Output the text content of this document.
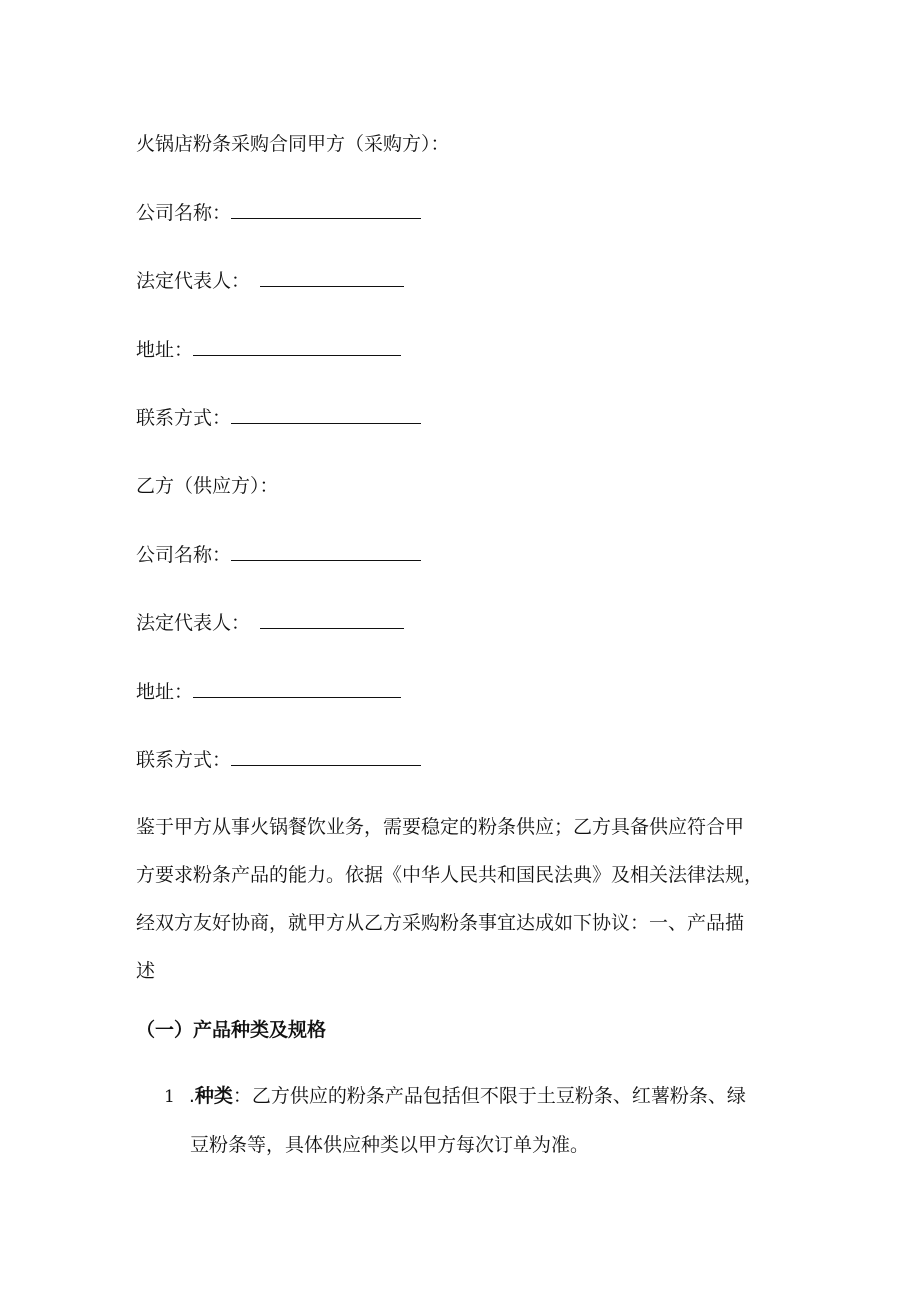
火锅店粉条采购合同甲方（采购方）：
公司名称：
法定代表人：
地址：
联系方式：
乙方（供应方）：
公司名称：
法定代表人：
地址：
联系方式：
鉴于甲方从事火锅餐饮业务，需要稳定的粉条供应；乙方具备供应符合甲
方要求粉条产品的能力。依据《中华人民共和国民法典》及相关法律法规，
经双方友好协商，就甲方从乙方采购粉条事宜达成如下协议：一、产品描
述
（一）产品种类及规格
1 .种类：乙方供应的粉条产品包括但不限于土豆粉条、红薯粉条、绿
豆粉条等，具体供应种类以甲方每次订单为准。
